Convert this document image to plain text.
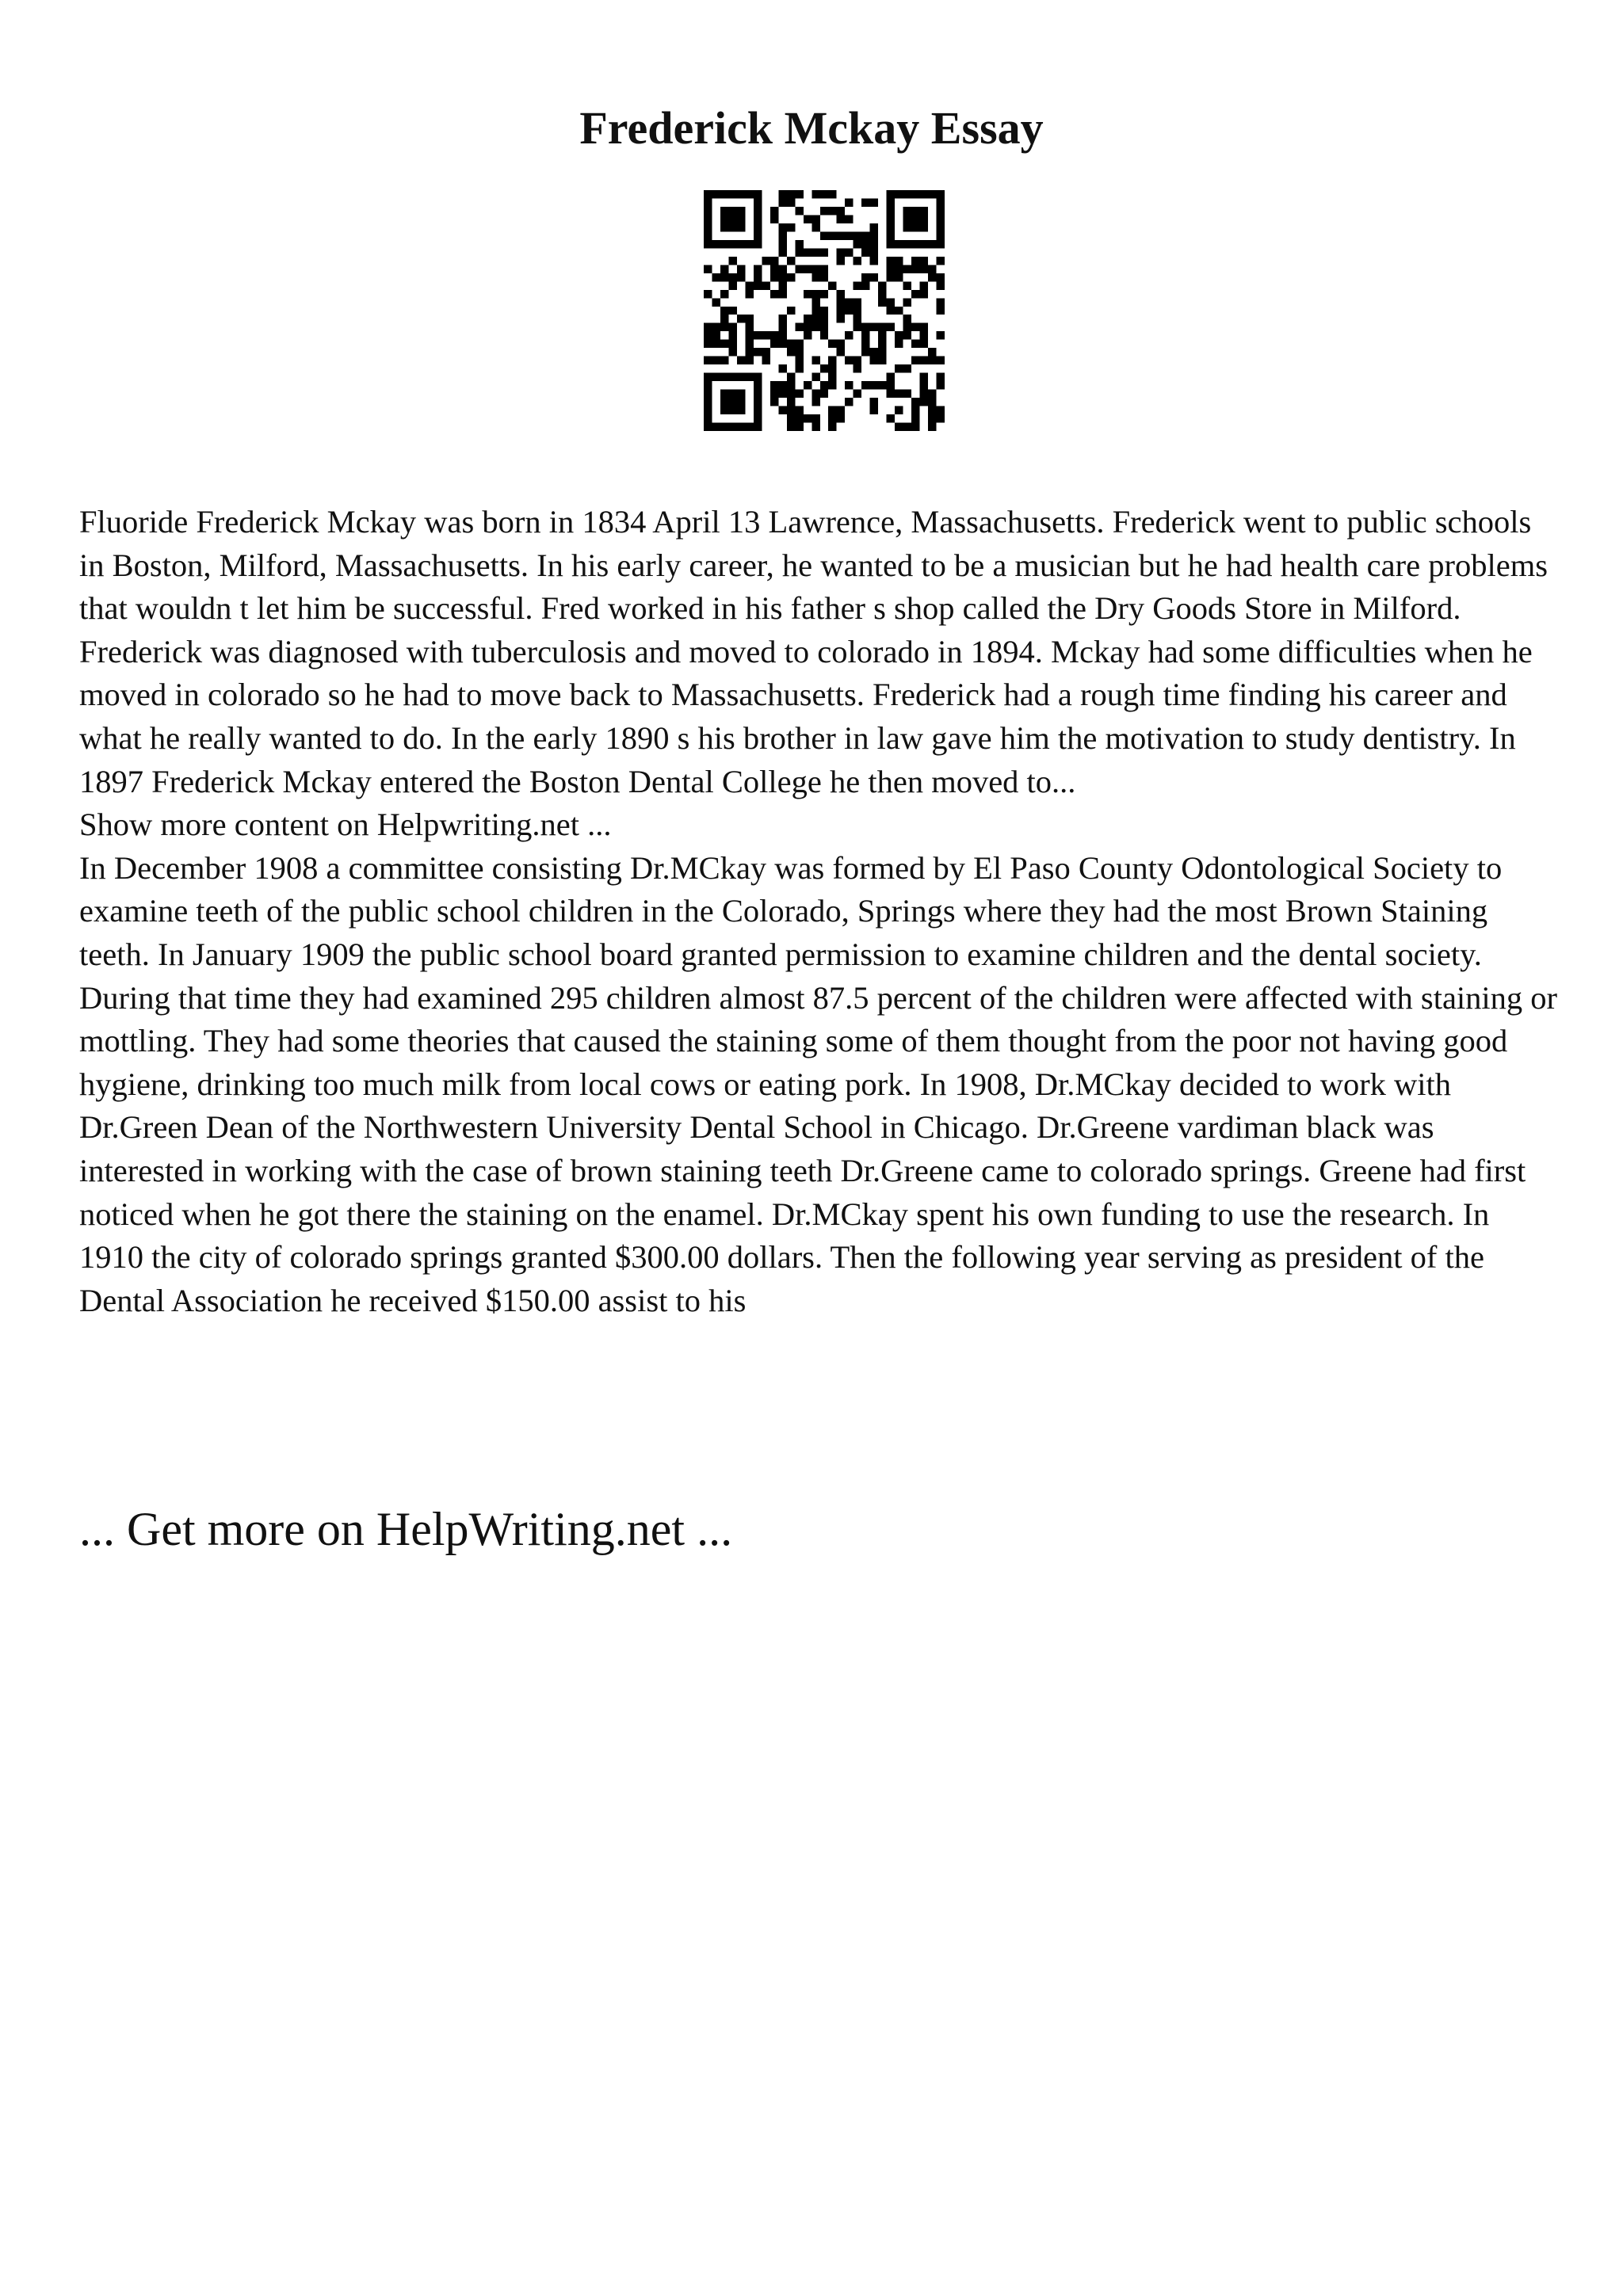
Frederick Mckay Essay

Fluoride Frederick Mckay was born in 1834 April 13 Lawrence, Massachusetts. Frederick went to public schools in Boston, Milford, Massachusetts. In his early career, he wanted to be a musician but he had health care problems that wouldn t let him be successful. Fred worked in his father s shop called the Dry Goods Store in Milford. Frederick was diagnosed with tuberculosis and moved to colorado in 1894. Mckay had some difficulties when he moved in colorado so he had to move back to Massachusetts. Frederick had a rough time finding his career and what he really wanted to do. In the early 1890 s his brother in law gave him the motivation to study dentistry. In 1897 Frederick Mckay entered the Boston Dental College he then moved to...

Show more content on Helpwriting.net ...

In December 1908 a committee consisting Dr.MCkay was formed by El Paso County Odontological Society to examine teeth of the public school children in the Colorado, Springs where they had the most Brown Staining teeth. In January 1909 the public school board granted permission to examine children and the dental society. During that time they had examined 295 children almost 87.5 percent of the children were affected with staining or mottling. They had some theories that caused the staining some of them thought from the poor not having good hygiene, drinking too much milk from local cows or eating pork. In 1908, Dr.MCkay decided to work with Dr.Green Dean of the Northwestern University Dental School in Chicago. Dr.Greene vardiman black was interested in working with the case of brown staining teeth Dr.Greene came to colorado springs. Greene had first noticed when he got there the staining on the enamel. Dr.MCkay spent his own funding to use the research. In 1910 the city of colorado springs granted $300.00 dollars. Then the following year serving as president of the Dental Association he received $150.00 assist to his

... Get more on HelpWriting.net ...
